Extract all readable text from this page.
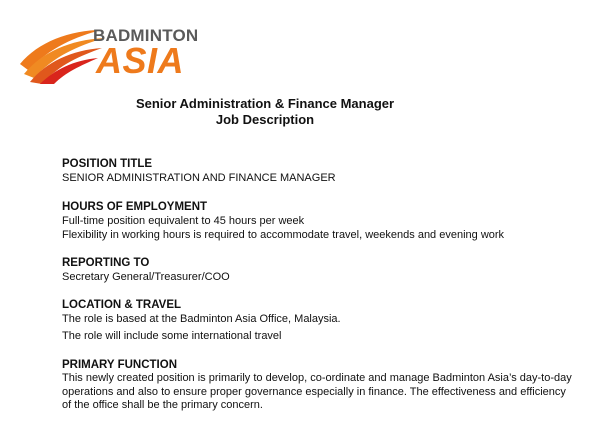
BADMINTON
ASIA
Senior Administration & Finance Manager
Job Description
POSITION TITLE

SENIOR ADMINISTRATION AND FINANCE MANAGER

HOURS OF EMPLOYMENT

Full-time position equivalent to 45 hours per week

Flexibility in working hours is required to accommodate travel, weekends and evening work

REPORTING TO

Secretary General/Treasurer/COO

LOCATION & TRAVEL

The role is based at the Badminton Asia Office, Malaysia.

The role will include some international travel

PRIMARY FUNCTION

This newly created position is primarily to develop, co-ordinate and manage Badminton Asia’s day-to-day operations and also to ensure proper governance especially in finance. The effectiveness and efficiency of the office shall be the primary concern.
